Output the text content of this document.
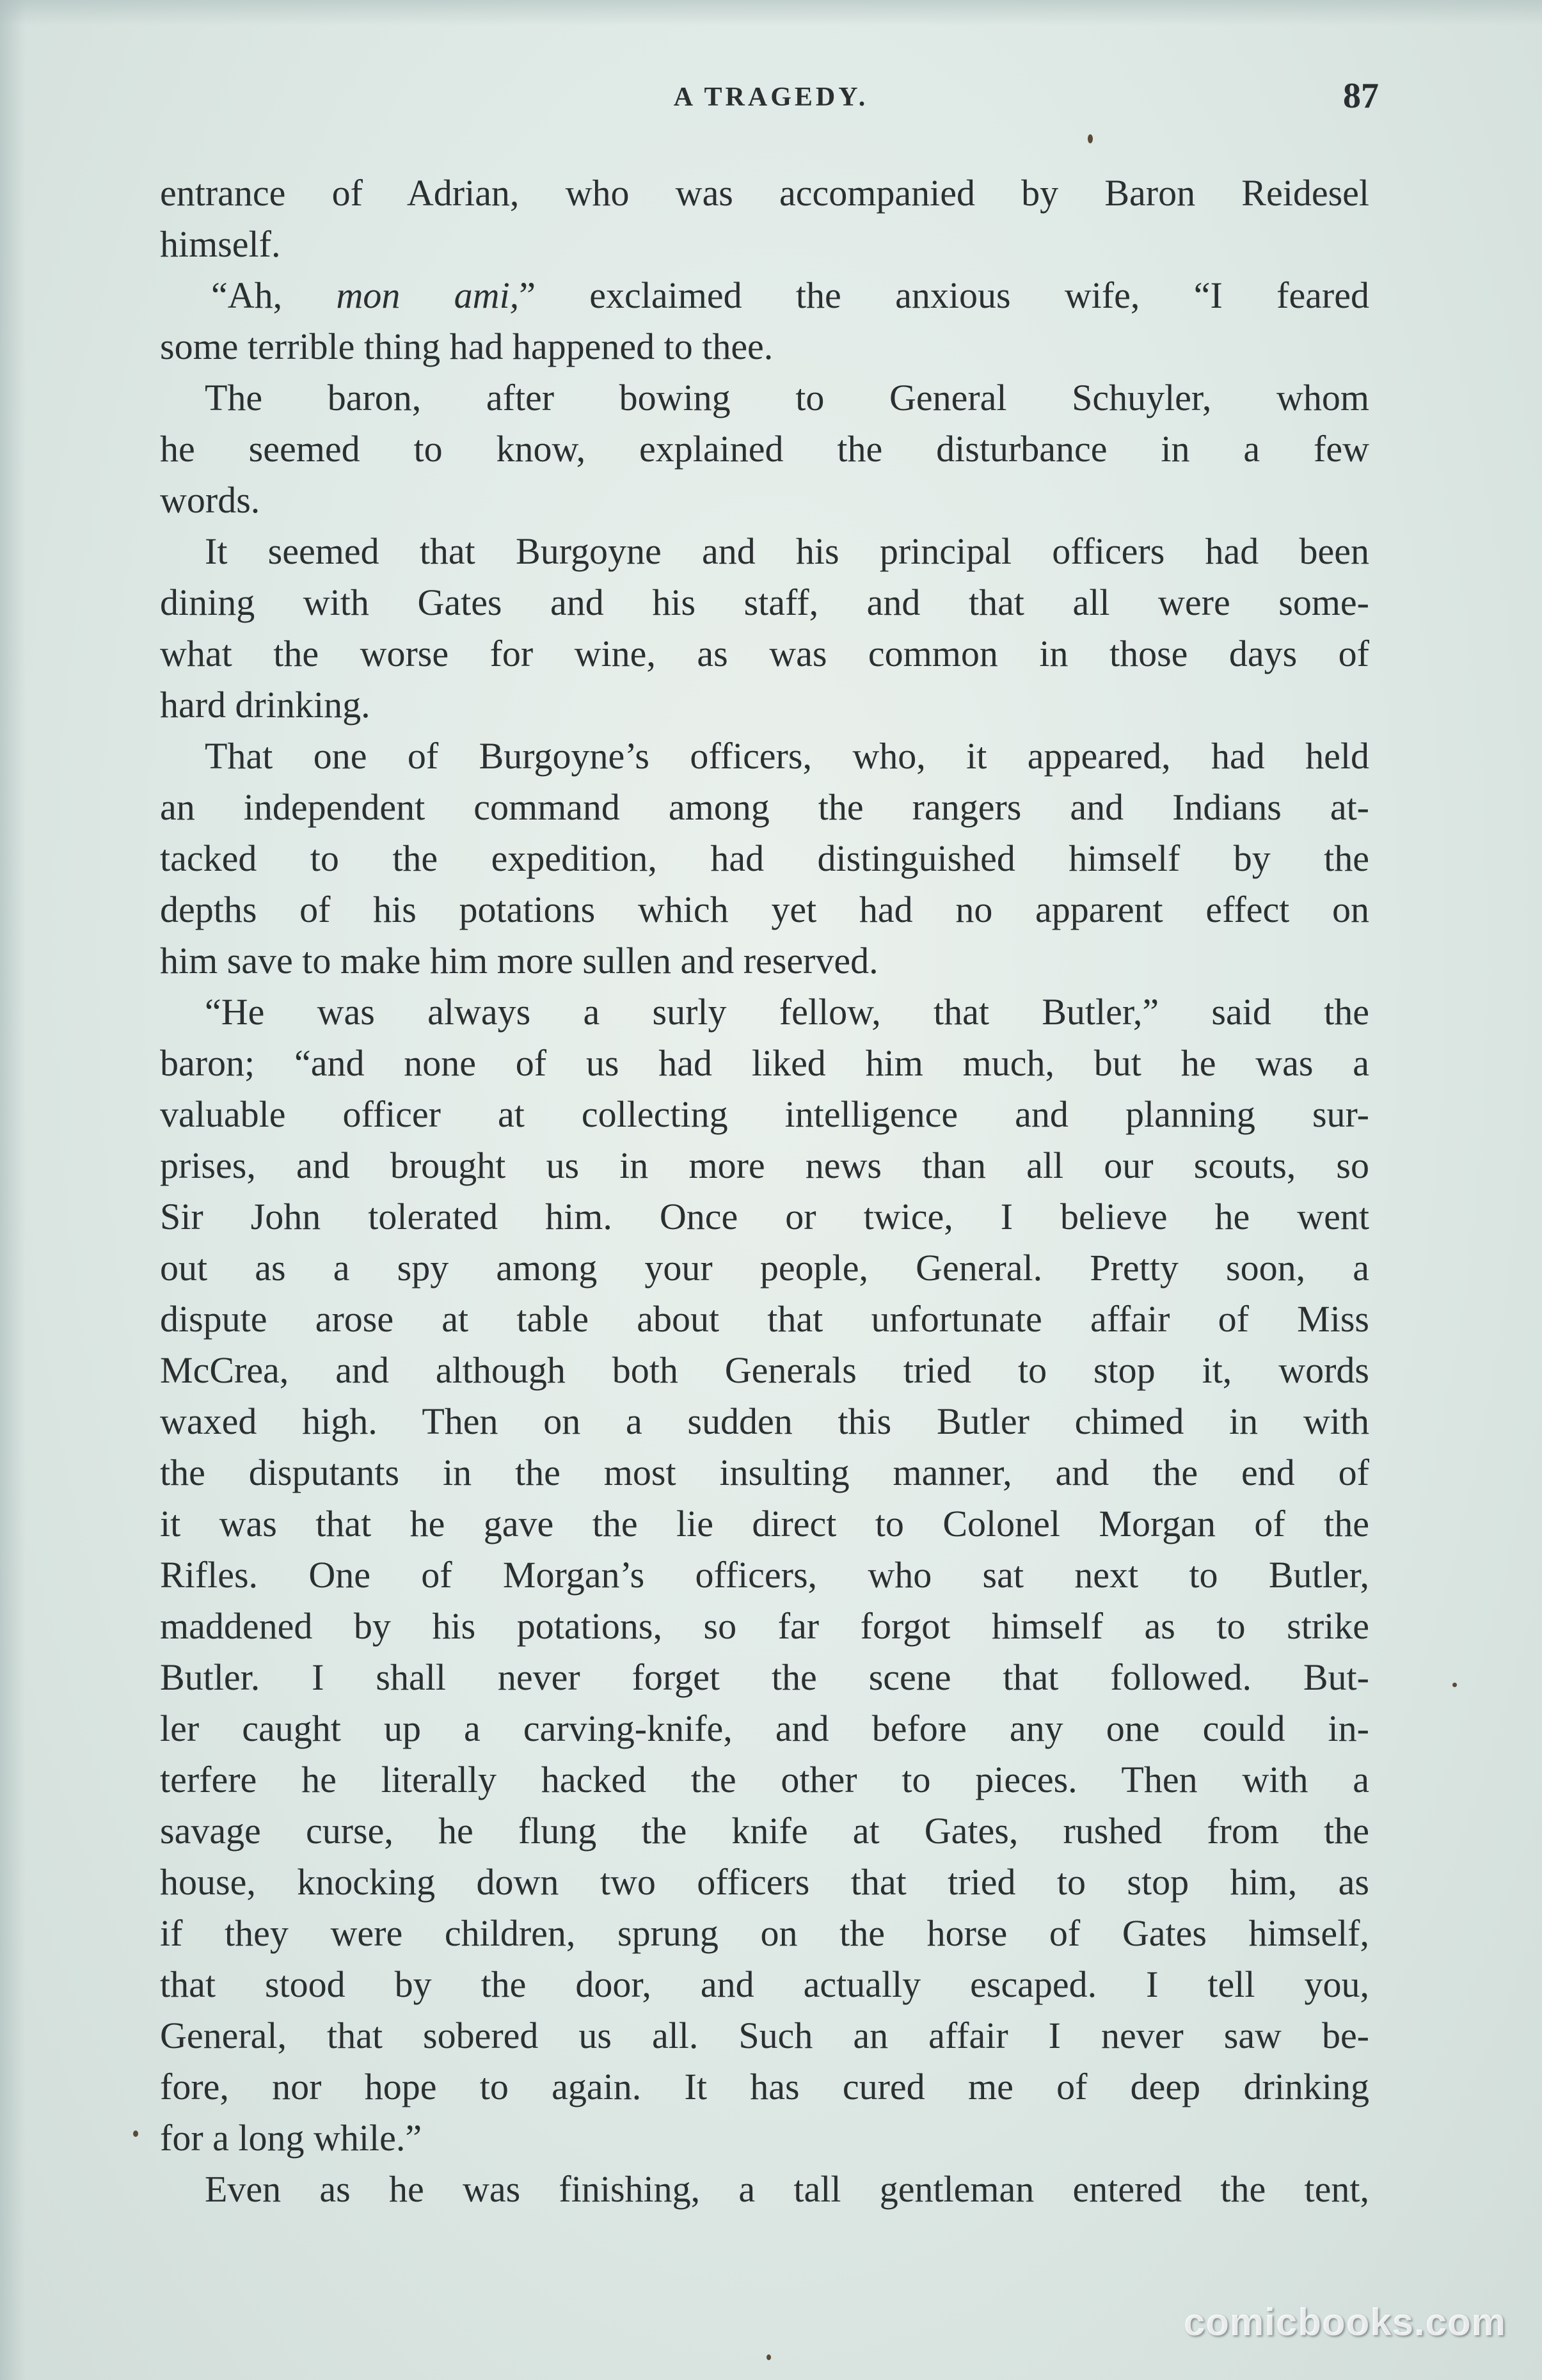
A TRAGEDY.	87
entrance of Adrian, who was accompanied by Baron Reidesel
himself.
“Ah, mon ami,” exclaimed the anxious wife, “I feared
some terrible thing had happened to thee.
The baron, after bowing to General Schuyler, whom
he seemed to know, explained the disturbance in a few
words.
It seemed that Burgoyne and his principal officers had been
dining with Gates and his staff, and that all were some-
what the worse for wine, as was common in those days of
hard drinking.
That one of Burgoyne’s officers, who, it appeared, had held
an independent command among the rangers and Indians at-
tacked to the expedition, had distinguished himself by the
depths of his potations which yet had no apparent effect on
him save to make him more sullen and reserved.
“He was always a surly fellow, that Butler,” said the
baron; “and none of us had liked him much, but he was a
valuable officer at collecting intelligence and planning sur-
prises, and brought us in more news than all our scouts, so
Sir John tolerated him. Once or twice, I believe he went
out as a spy among your people, General. Pretty soon, a
dispute arose at table about that unfortunate affair of Miss
McCrea, and although both Generals tried to stop it, words
waxed high. Then on a sudden this Butler chimed in with
the disputants in the most insulting manner, and the end of
it was that he gave the lie direct to Colonel Morgan of the
Rifles. One of Morgan’s officers, who sat next to Butler,
maddened by his potations, so far forgot himself as to strike
Butler. I shall never forget the scene that followed. But-
ler caught up a carving-knife, and before any one could in-
terfere he literally hacked the other to pieces. Then with a
savage curse, he flung the knife at Gates, rushed from the
house, knocking down two officers that tried to stop him, as
if they were children, sprung on the horse of Gates himself,
that stood by the door, and actually escaped. I tell you,
General, that sobered us all. Such an affair I never saw be-
fore, nor hope to again. It has cured me of deep drinking
for a long while.”
Even as he was finishing, a tall gentleman entered the tent,
comicbooks.com
